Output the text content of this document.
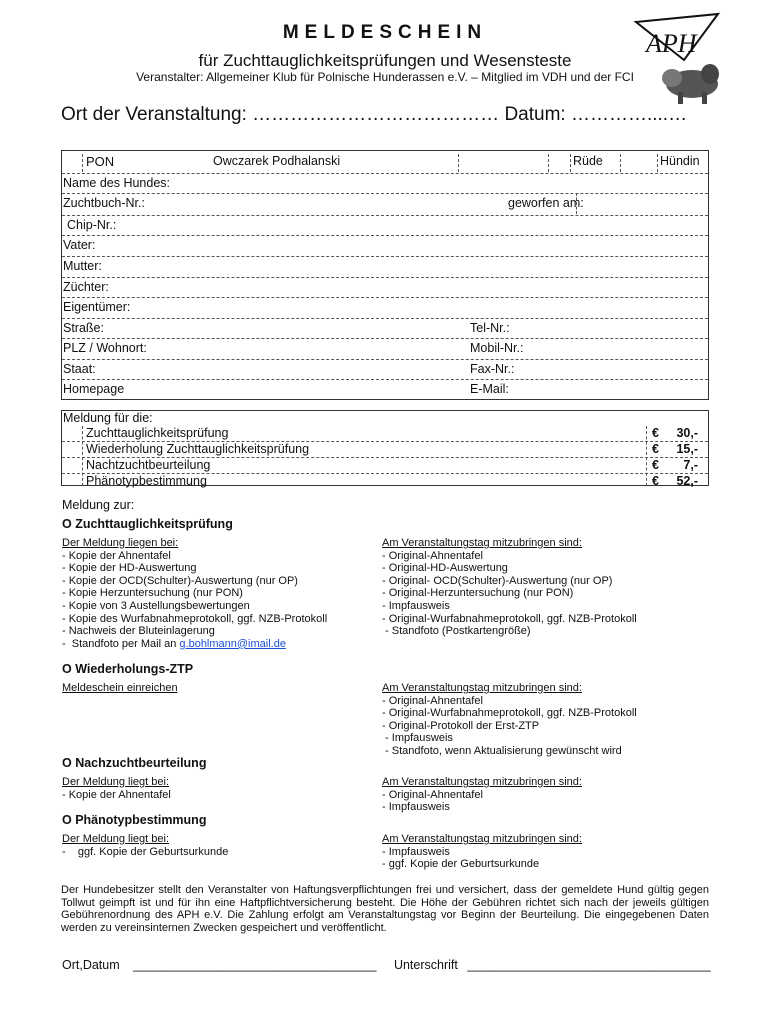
MELDESCHEIN
für Zuchttauglichkeitsprüfungen und Wesensteste
Veranstalter: Allgemeiner Klub für Polnische Hunderassen e.V. – Mitglied im VDH und der FCI
Ort der Veranstaltung: ………………………………… Datum: …………....…
APH
PON	Owczarek Podhalanski	Rüde	Hündin
Name des Hundes:
Zuchtbuch-Nr.:	geworfen am:
Chip-Nr.:
Vater:
Mutter:
Züchter:
Eigentümer:
Straße:	Tel-Nr.:
PLZ / Wohnort:	Mobil-Nr.:
Staat:	Fax-Nr.:
Homepage	E-Mail:
Meldung für die:
Zuchttauglichkeitsprüfung	€ 30,-
Wiederholung Zuchttauglichkeitsprüfung	€ 15,-
Nachtzuchtbeurteilung	€ 7,-
Phänotypbestimmung	€ 52,-
Meldung zur:
O Zuchttauglichkeitsprüfung
Der Meldung liegen bei:
- Kopie der Ahnentafel
- Kopie der HD-Auswertung
- Kopie der OCD(Schulter)-Auswertung (nur OP)
- Kopie Herzuntersuchung (nur PON)
- Kopie von 3 Austellungsbewertungen
- Kopie des Wurfabnahmeprotokoll, ggf. NZB-Protokoll
- Nachweis der Bluteinlagerung
-  Standfoto per Mail an g.bohlmann@imail.de
Am Veranstaltungstag mitzubringen sind:
- Original-Ahnentafel
- Original-HD-Auswertung
- Original- OCD(Schulter)-Auswertung (nur OP)
- Original-Herzuntersuchung (nur PON)
- Impfausweis
- Original-Wurfabnahmeprotokoll, ggf. NZB-Protokoll
- Standfoto (Postkartengröße)
O Wiederholungs-ZTP
Meldeschein einreichen	Am Veranstaltungstag mitzubringen sind:
- Original-Ahnentafel
- Original-Wurfabnahmeprotokoll, ggf. NZB-Protokoll
- Original-Protokoll der Erst-ZTP
- Impfausweis
- Standfoto, wenn Aktualisierung gewünscht wird
O Nachzuchtbeurteilung
Der Meldung liegt bei:
- Kopie der Ahnentafel
Am Veranstaltungstag mitzubringen sind:
- Original-Ahnentafel
- Impfausweis
O Phänotypbestimmung
Der Meldung liegt bei:
-    ggf. Kopie der Geburtsurkunde
Am Veranstaltungstag mitzubringen sind:
- Impfausweis
- ggf. Kopie der Geburtsurkunde
Der Hundebesitzer stellt den Veranstalter von Haftungsverpflichtungen frei und versichert, dass der gemeldete Hund gültig gegen Tollwut geimpft ist und für ihn eine Haftpflichtversicherung besteht. Die Höhe der Gebühren richtet sich nach der jeweils gültigen Gebührenordnung des APH e.V. Die Zahlung erfolgt am Veranstaltungstag vor Beginn der Beurteilung. Die eingegebenen Daten werden zu vereinsinternen Zwecken gespeichert und veröffentlicht.
Ort,Datum ___________________________________ Unterschrift ___________________________________
